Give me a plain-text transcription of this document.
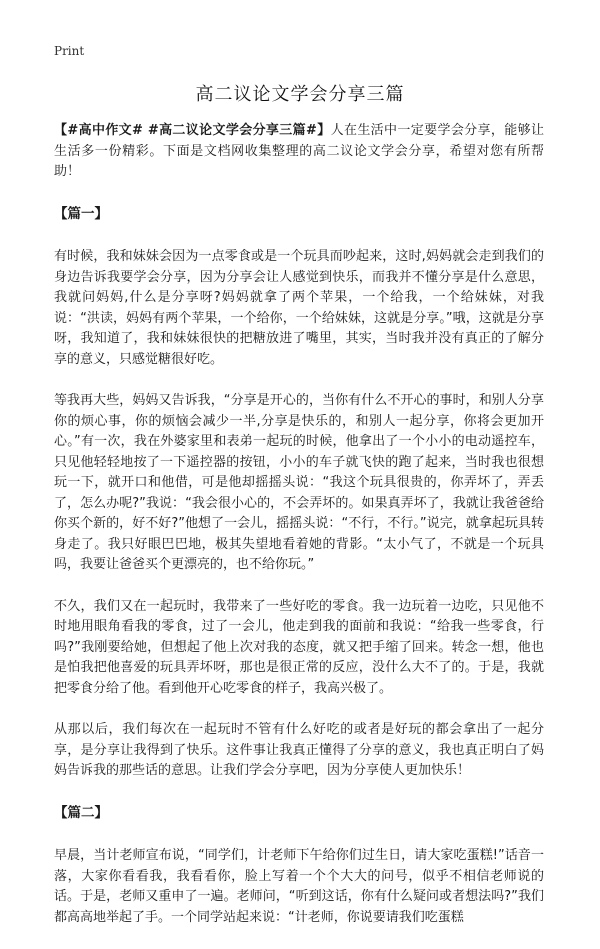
Print
高二议论文学会分享三篇

【#高中作文# #高二议论文学会分享三篇#】人在生活中一定要学会分享，能够让生活多一份精彩。下面是文档网收集整理的高二议论文学会分享，希望对您有所帮助！

【篇一】

有时候，我和妹妹会因为一点零食或是一个玩具而吵起来，这时,妈妈就会走到我们的身边告诉我要学会分享，因为分享会让人感觉到快乐，而我并不懂分享是什么意思，我就问妈妈,什么是分享呀?妈妈就拿了两个苹果，一个给我，一个给妹妹，对我说：“洪读，妈妈有两个苹果，一个给你，一个给妹妹，这就是分享。”哦，这就是分享呀，我知道了，我和妹妹很快的把糖放进了嘴里，其实，当时我并没有真正的了解分享的意义，只感觉糖很好吃。

等我再大些，妈妈又告诉我，“分享是开心的，当你有什么不开心的事时，和别人分享你的烦心事，你的烦恼会减少一半,分享是快乐的，和别人一起分享，你将会更加开心。”有一次，我在外婆家里和表弟一起玩的时候，他拿出了一个小小的电动遥控车，只见他轻轻地按了一下遥控器的按钮，小小的车子就飞快的跑了起来，当时我也很想玩一下，就开口和他借，可是他却摇摇头说：“我这个玩具很贵的，你弄坏了，弄丢了，怎么办呢?”我说：“我会很小心的，不会弄坏的。如果真弄坏了，我就让我爸爸给你买个新的，好不好?”他想了一会儿，摇摇头说：“不行，不行。”说完，就拿起玩具转身走了。我只好眼巴巴地，极其失望地看着她的背影。“太小气了，不就是一个玩具吗，我要让爸爸买个更漂亮的，也不给你玩。”

不久，我们又在一起玩时，我带来了一些好吃的零食。我一边玩着一边吃，只见他不时地用眼角看我的零食，过了一会儿，他走到我的面前和我说：“给我一些零食，行吗?”我刚要给她，但想起了他上次对我的态度，就又把手缩了回来。转念一想，他也是怕我把他喜爱的玩具弄坏呀，那也是很正常的反应，没什么大不了的。于是，我就把零食分给了他。看到他开心吃零食的样子，我高兴极了。

从那以后，我们每次在一起玩时不管有什么好吃的或者是好玩的都会拿出了一起分享，是分享让我得到了快乐。这件事让我真正懂得了分享的意义，我也真正明白了妈妈告诉我的那些话的意思。让我们学会分享吧，因为分享使人更加快乐！

【篇二】

早晨，当计老师宣布说，“同学们，计老师下午给你们过生日，请大家吃蛋糕!”话音一落，大家你看看我，我看看你，脸上写着一个个大大的问号，似乎不相信老师说的话。于是，老师又重申了一遍。老师问，“听到这话，你有什么疑问或者想法吗?”我们都高高地举起了手。一个同学站起来说：“计老师，你说要请我们吃蛋糕
